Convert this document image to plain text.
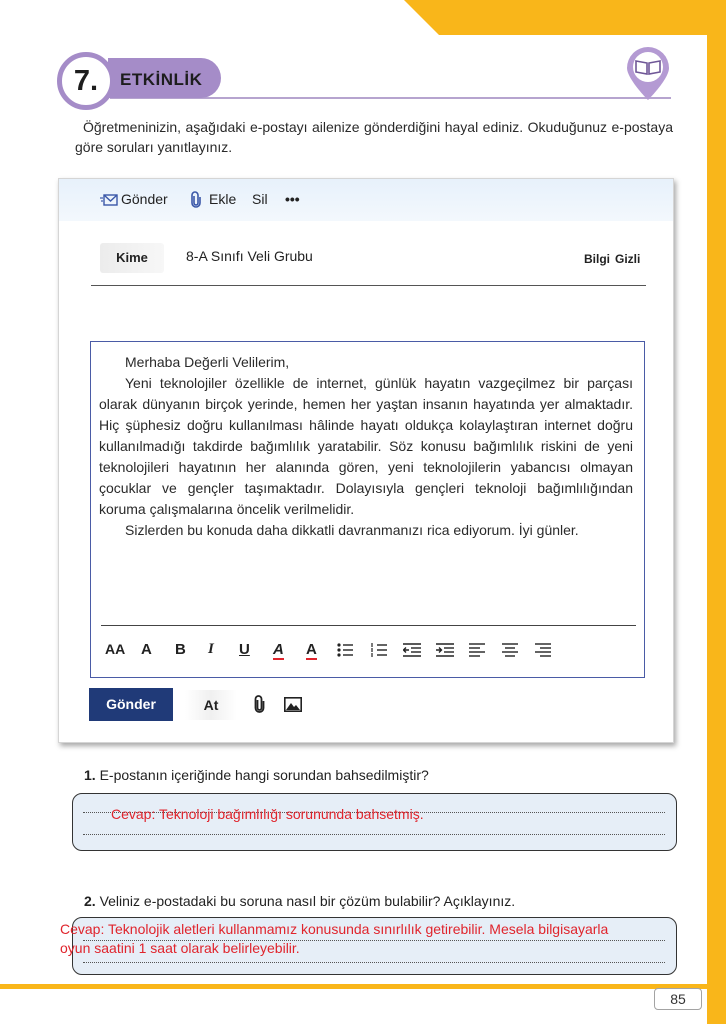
85
ETKİNLİK
7.
Öğretmeninizin, aşağıdaki e-postayı ailenize gönderdiğini hayal ediniz. Okuduğunuz e-postaya göre soruları yanıtlayınız.
Gönder	Ekle Sil •••
Kime	8-A Sınıfı Veli Grubu	Bilgi Gizli

Merhaba Değerli Velilerim,

Yeni teknolojiler özellikle de internet, günlük hayatın vazgeçilmez bir parçası olarak dünyanın birçok yerinde, hemen her yaştan insanın hayatında yer almaktadır. Hiç şüphesiz doğru kullanılması hâlinde hayatı oldukça kolaylaştıran internet doğru kullanılmadığı takdirde bağımlılık yaratabilir. Söz konusu bağımlılık riskini de yeni teknolojileri hayatının her alanında gören, yeni teknolojilerin yabancısı olmayan çocuklar ve gençler taşımaktadır. Dolayısıyla gençleri teknoloji bağımlılığından koruma çalışmalarına öncelik verilmelidir.

Sizlerden bu konuda daha dikkatli davranmanızı rica ediyorum. İyi günler.

AA A B I U A A
Gönder	At
1. E-postanın içeriğinde hangi sorundan bahsedilmiştir?
Cevap: Teknoloji bağımlılığı sorununda bahsetmiş.
2. Veliniz e-postadaki bu soruna nasıl bir çözüm bulabilir? Açıklayınız.
Cevap: Teknolojik aletleri kullanmamız konusunda sınırlılık getirebilir. Mesela bilgisayarla
oyun saatini 1 saat olarak belirleyebilir.
